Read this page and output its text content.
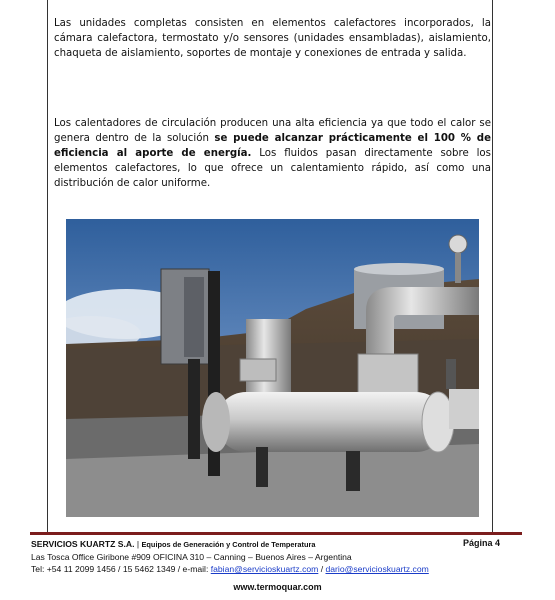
Las unidades completas consisten en elementos calefactores incorporados, la cámara calefactora, termostato y/o sensores (unidades ensambladas), aislamiento, chaqueta de aislamiento, soportes de montaje y conexiones de entrada y salida.

Los calentadores de circulación producen una alta eficiencia ya que todo el calor se genera dentro de la solución se puede alcanzar prácticamente el 100 % de eficiencia al aporte de energía. Los fluidos pasan directamente sobre los elementos calefactores, lo que ofrece un calentamiento rápido, así como una distribución de calor uniforme.

SERVICIOS KUARTZ S.A. | Equipos de Generación y Control de Temperatura	Página 4
Las Tosca Office Giribone #909 OFICINA 310 – Canning – Buenos Aires – Argentina
Tel: +54 11 2099 1456 / 15 5462 1349 / e-mail: fabian@servicioskuartz.com / dario@servicioskuartz.com
www.termoquar.com
